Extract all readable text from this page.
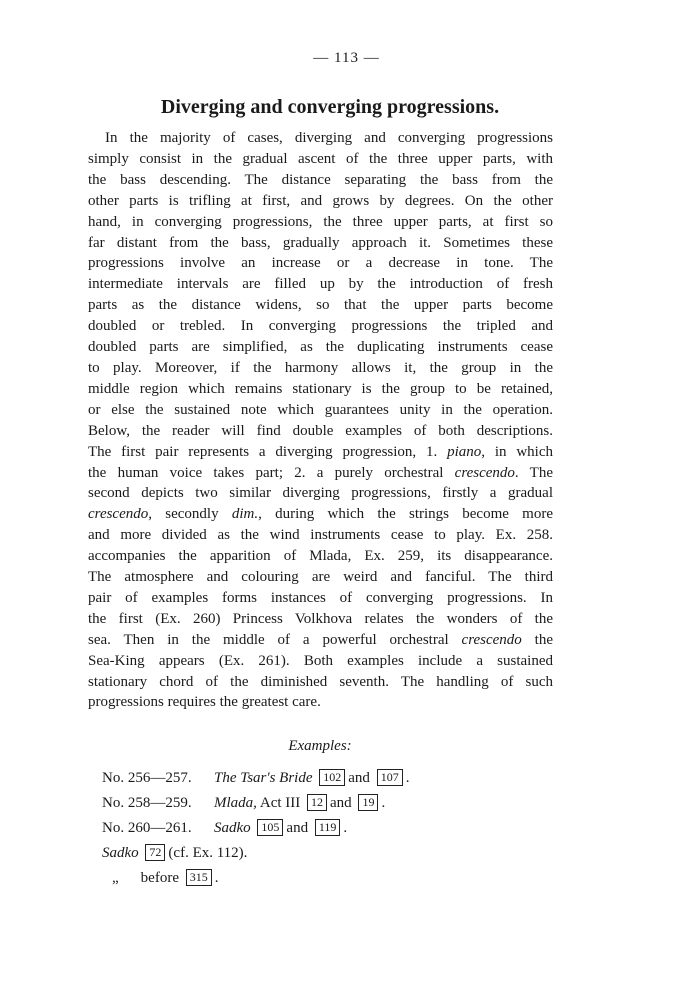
— 113 —
Diverging and converging progressions.
In the majority of cases, diverging and converging progressions
simply consist in the gradual ascent of the three upper parts, with
the bass descending. The distance separating the bass from the
other parts is trifling at first, and grows by degrees. On the other
hand, in converging progressions, the three upper parts, at first so
far distant from the bass, gradually approach it. Sometimes these
progressions involve an increase or a decrease in tone. The
intermediate intervals are filled up by the introduction of fresh
parts as the distance widens, so that the upper parts become
doubled or trebled. In converging progressions the tripled and
doubled parts are simplified, as the duplicating instruments cease
to play. Moreover, if the harmony allows it, the group in the
middle region which remains stationary is the group to be retained,
or else the sustained note which guarantees unity in the operation.
Below, the reader will find double examples of both descriptions.
The first pair represents a diverging progression, 1. piano, in which
the human voice takes part; 2. a purely orchestral crescendo. The
second depicts two similar diverging progressions, firstly a gradual
crescendo, secondly dim., during which the strings become more
and more divided as the wind instruments cease to play. Ex. 258.
accompanies the apparition of Mlada, Ex. 259, its disappearance.
The atmosphere and colouring are weird and fanciful. The third
pair of examples forms instances of converging progressions. In
the first (Ex. 260) Princess Volkhova relates the wonders of the
sea. Then in the middle of a powerful orchestral crescendo the
Sea-King appears (Ex. 261). Both examples include a sustained
stationary chord of the diminished seventh. The handling of such
progressions requires the greatest care.
Examples:
No. 256—257. The Tsar's Bride 102 and 107 .
No. 258—259. Mlada, Act III 12 and 19 .
No. 260—261. Sadko 105 and 119 .
Sadko 72 (cf. Ex. 112).
„ before 315 .
